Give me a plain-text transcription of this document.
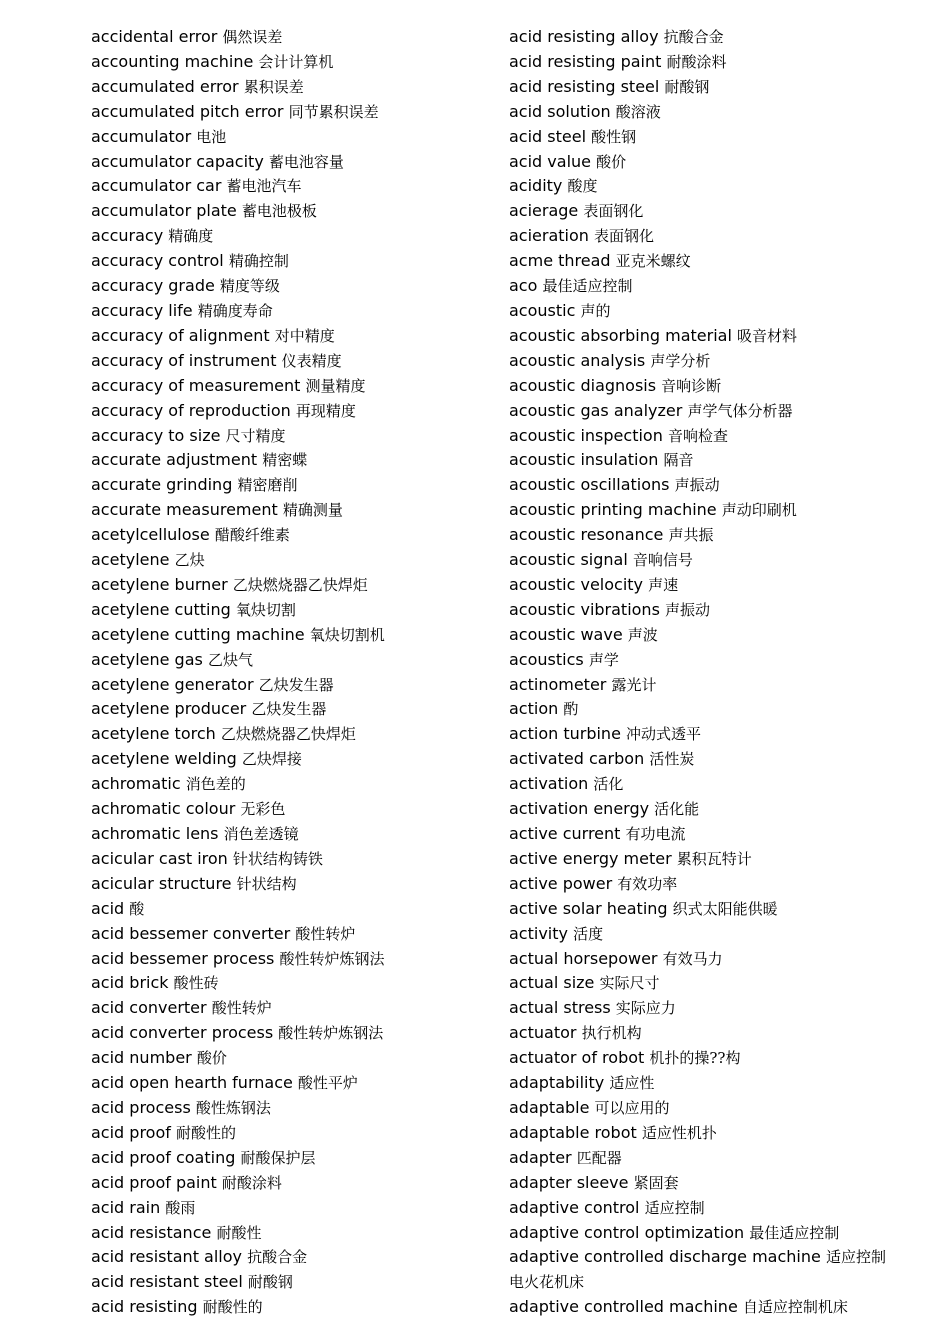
accidental error 偶然误差
accounting machine 会计计算机
accumulated error 累积误差
accumulated pitch error 同节累积误差
accumulator 电池
accumulator capacity 蓄电池容量
accumulator car 蓄电池汽车
accumulator plate 蓄电池极板
accuracy 精确度
accuracy control 精确控制
accuracy grade 精度等级
accuracy life 精确度寿命
accuracy of alignment 对中精度
accuracy of instrument 仪表精度
accuracy of measurement 测量精度
accuracy of reproduction 再现精度
accuracy to size 尺寸精度
accurate adjustment 精密蝶
accurate grinding 精密磨削
accurate measurement 精确测量
acetylcellulose 醋酸纤维素
acetylene 乙炔
acetylene burner 乙炔燃烧器乙快焊炬
acetylene cutting 氧炔切割
acetylene cutting machine 氧炔切割机
acetylene gas 乙炔气
acetylene generator 乙炔发生器
acetylene producer 乙炔发生器
acetylene torch 乙炔燃烧器乙快焊炬
acetylene welding 乙炔焊接
achromatic 消色差的
achromatic colour 无彩色
achromatic lens 消色差透镜
acicular cast iron 针状结构铸铁
acicular structure 针状结构
acid 酸
acid bessemer converter 酸性转炉
acid bessemer process 酸性转炉炼钢法
acid brick 酸性砖
acid converter 酸性转炉
acid converter process 酸性转炉炼钢法
acid number 酸价
acid open hearth furnace 酸性平炉
acid process 酸性炼钢法
acid proof 耐酸性的
acid proof coating 耐酸保护层
acid proof paint 耐酸涂料
acid rain 酸雨
acid resistance 耐酸性
acid resistant alloy 抗酸合金
acid resistant steel 耐酸钢
acid resisting 耐酸性的
acid resisting alloy 抗酸合金
acid resisting paint 耐酸涂料
acid resisting steel 耐酸钢
acid solution 酸溶液
acid steel 酸性钢
acid value 酸价
acidity 酸度
acierage 表面钢化
acieration 表面钢化
acme thread 亚克米螺纹
aco 最佳适应控制
acoustic 声的
acoustic absorbing material 吸音材料
acoustic analysis 声学分析
acoustic diagnosis 音响诊断
acoustic gas analyzer 声学气体分析器
acoustic inspection 音响检查
acoustic insulation 隔音
acoustic oscillations 声振动
acoustic printing machine 声动印刷机
acoustic resonance 声共振
acoustic signal 音响信号
acoustic velocity 声速
acoustic vibrations 声振动
acoustic wave 声波
acoustics 声学
actinometer 露光计
action 酌
action turbine 冲动式透平
activated carbon 活性炭
activation 活化
activation energy 活化能
active current 有功电流
active energy meter 累积瓦特计
active power 有效功率
active solar heating 织式太阳能供暖
activity 活度
actual horsepower 有效马力
actual size 实际尺寸
actual stress 实际应力
actuator 执行机构
actuator of robot 机扑的操??构
adaptability 适应性
adaptable 可以应用的
adaptable robot 适应性机扑
adapter 匹配器
adapter sleeve 紧固套
adaptive control 适应控制
adaptive control optimization 最佳适应控制
adaptive controlled discharge machine 适应控制电火花机床
adaptive controlled machine 自适应控制机床
